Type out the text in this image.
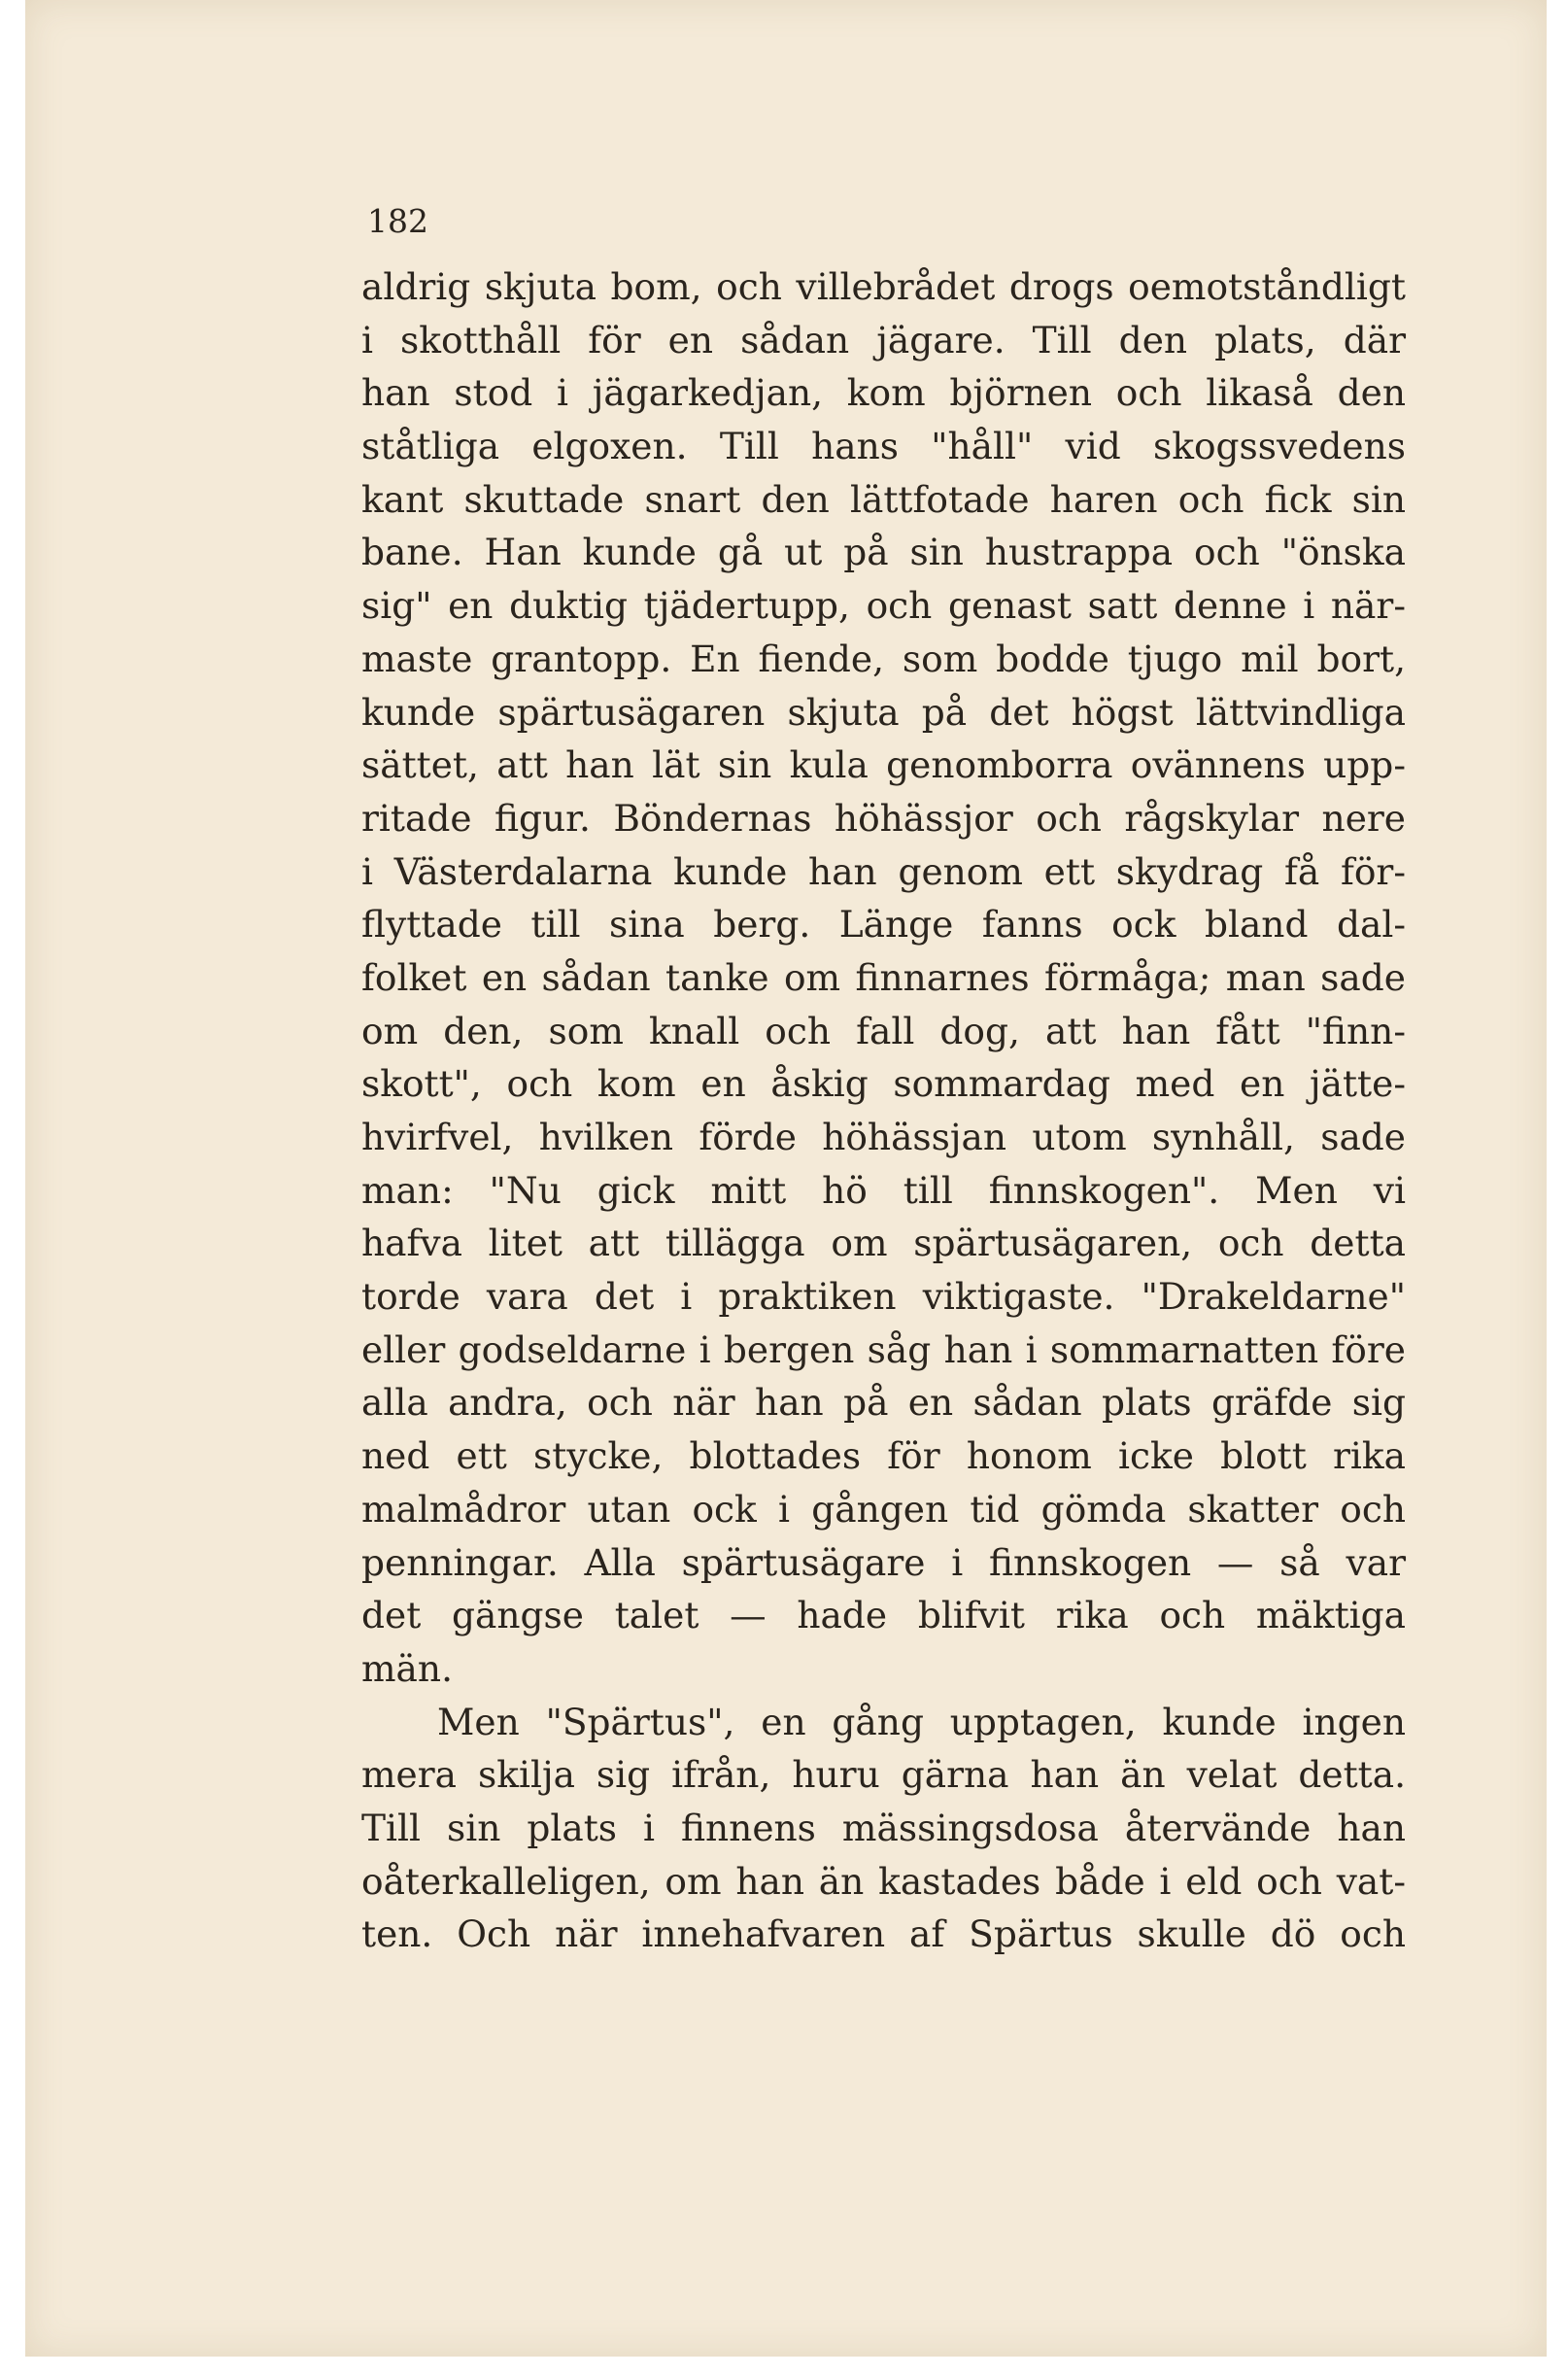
182
aldrig skjuta bom, och villebrådet drogs oemotståndligt
i skotthåll för en sådan jägare. Till den plats, där
han stod i jägarkedjan, kom björnen och likaså den
ståtliga elgoxen. Till hans "håll" vid skogssvedens
kant skuttade snart den lättfotade haren och fick sin
bane. Han kunde gå ut på sin hustrappa och "önska
sig" en duktig tjädertupp, och genast satt denne i när-
maste grantopp. En fiende, som bodde tjugo mil bort,
kunde spärtusägaren skjuta på det högst lättvindliga
sättet, att han lät sin kula genomborra ovännens upp-
ritade figur. Böndernas höhässjor och rågskylar nere
i Västerdalarna kunde han genom ett skydrag få för-
flyttade till sina berg. Länge fanns ock bland dal-
folket en sådan tanke om finnarnes förmåga; man sade
om den, som knall och fall dog, att han fått "finn-
skott", och kom en åskig sommardag med en jätte-
hvirfvel, hvilken förde höhässjan utom synhåll, sade
man: "Nu gick mitt hö till finnskogen". Men vi
hafva litet att tillägga om spärtusägaren, och detta
torde vara det i praktiken viktigaste. "Drakeldarne"
eller godseldarne i bergen såg han i sommarnatten före
alla andra, och när han på en sådan plats gräfde sig
ned ett stycke, blottades för honom icke blott rika
malmådror utan ock i gången tid gömda skatter och
penningar. Alla spärtusägare i finnskogen — så var
det gängse talet — hade blifvit rika och mäktiga
män.
Men "Spärtus", en gång upptagen, kunde ingen
mera skilja sig ifrån, huru gärna han än velat detta.
Till sin plats i finnens mässingsdosa återvände han
oåterkalleligen, om han än kastades både i eld och vat-
ten. Och när innehafvaren af Spärtus skulle dö och
